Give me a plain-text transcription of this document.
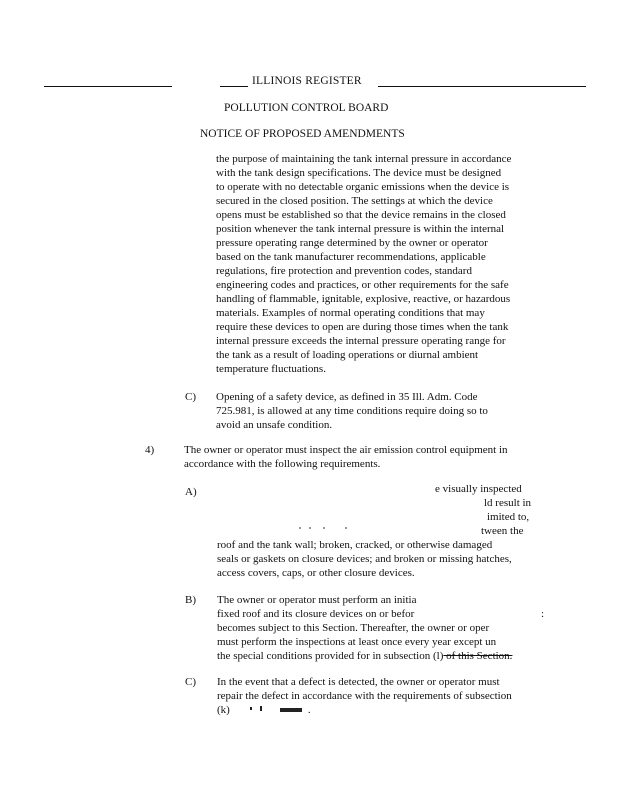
ILLINOIS REGISTER
POLLUTION CONTROL BOARD
NOTICE OF PROPOSED AMENDMENTS
the purpose of maintaining the tank internal pressure in accordance
with the tank design specifications. The device must be designed
to operate with no detectable organic emissions when the device is
secured in the closed position. The settings at which the device
opens must be established so that the device remains in the closed
position whenever the tank internal pressure is within the internal
pressure operating range determined by the owner or operator
based on the tank manufacturer recommendations, applicable
regulations, fire protection and prevention codes, standard
engineering codes and practices, or other requirements for the safe
handling of flammable, ignitable, explosive, reactive, or hazardous
materials. Examples of normal operating conditions that may
require these devices to open are during those times when the tank
internal pressure exceeds the internal pressure operating range for
the tank as a result of loading operations or diurnal ambient
temperature fluctuations.
C) Opening of a safety device, as defined in 35 Ill. Adm. Code
725.981, is allowed at any time conditions require doing so to
avoid an unsafe condition.
4)	The owner or operator must inspect the air emission control equipment in
accordance with the following requirements.
A)	e visually inspected
ld result in
imited to,
tween the
roof and the tank wall; broken, cracked, or otherwise damaged
seals or gaskets on closure devices; and broken or missing hatches,
access covers, caps, or other closure devices.
B) The owner or operator must perform an initia
fixed roof and its closure devices on or befor
becomes subject to this Section. Thereafter, the owner or oper
must perform the inspections at least once every year except un
the special conditions provided for in subsection (l) of this Section.
:
C) In the event that a defect is detected, the owner or operator must
repair the defect in accordance with the requirements of subsection
(k)	.
